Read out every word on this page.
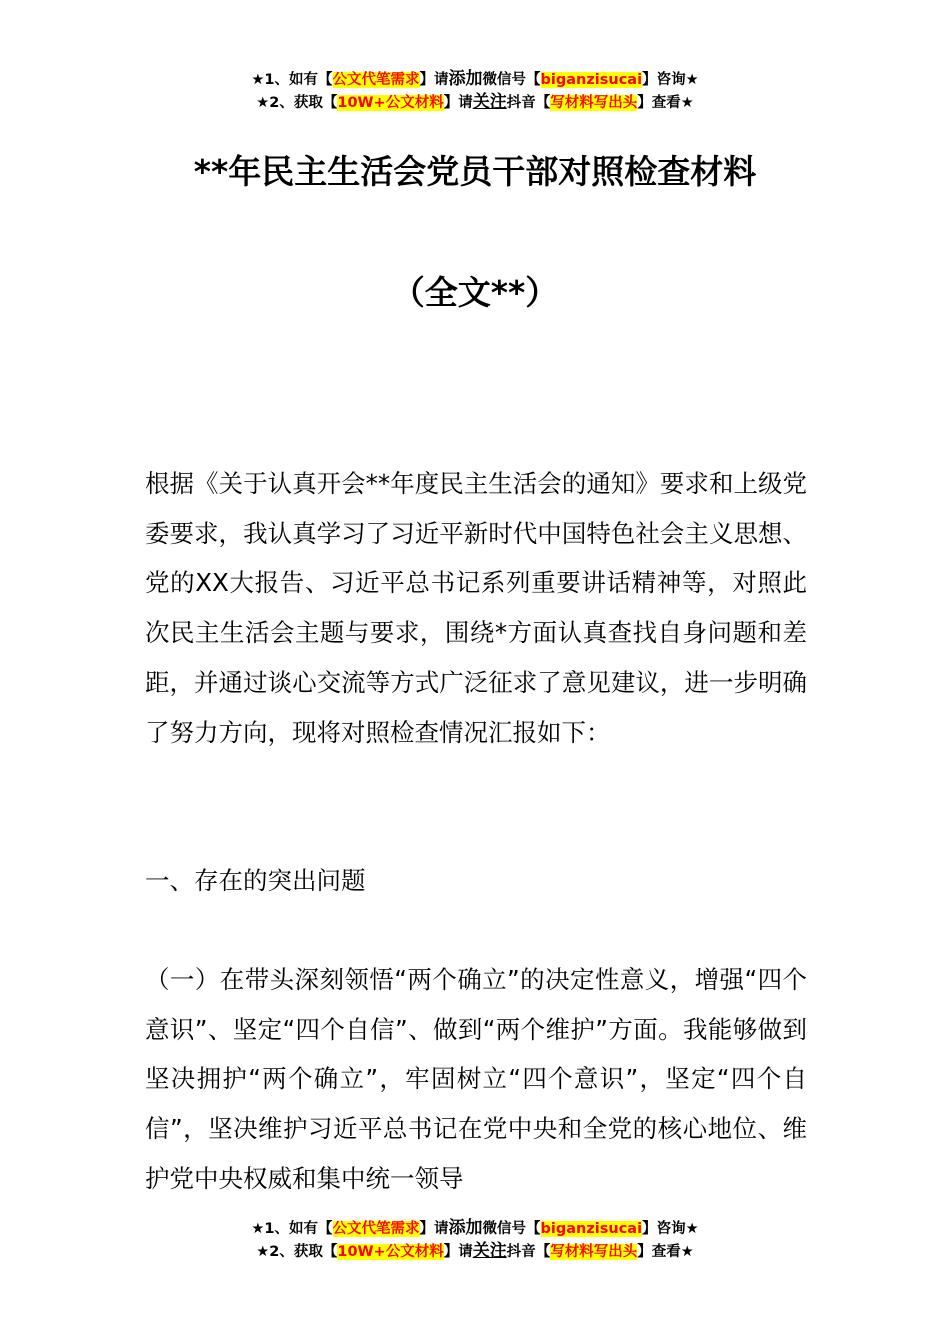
★1、如有【公文代笔需求】请添加微信号【biganzisucai】咨询★
★2、获取【10W+公文材料】请关注抖音【写材料写出头】查看★
**年民主生活会党员干部对照检查材料
（全文**）

根据《关于认真开会**年度民主生活会的通知》要求和上级党委要求，我认真学习了习近平新时代中国特色社会主义思想、党的XX大报告、习近平总书记系列重要讲话精神等，对照此次民主生活会主题与要求，围绕*方面认真查找自身问题和差距，并通过谈心交流等方式广泛征求了意见建议，进一步明确了努力方向，现将对照检查情况汇报如下：

一、存在的突出问题

（一）在带头深刻领悟“两个确立”的决定性意义，增强“四个意识”、坚定“四个自信”、做到“两个维护”方面。我能够做到坚决拥护“两个确立”，牢固树立“四个意识”，坚定“四个自信”，坚决维护习近平总书记在党中央和全党的核心地位、维护党中央权威和集中统一领导

★1、如有【公文代笔需求】请添加微信号【biganzisucai】咨询★
★2、获取【10W+公文材料】请关注抖音【写材料写出头】查看★
